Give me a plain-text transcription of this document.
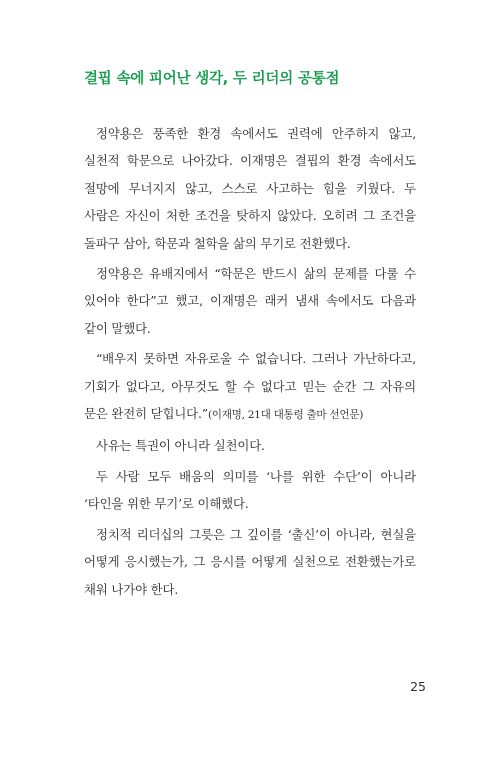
결핍 속에 피어난 생각, 두 리더의 공통점

정약용은 풍족한 환경 속에서도 권력에 안주하지 않고, 실천적 학문으로 나아갔다. 이재명은 결핍의 환경 속에서도 절망에 무너지지 않고, 스스로 사고하는 힘을 키웠다. 두 사람은 자신이 처한 조건을 탓하지 않았다. 오히려 그 조건을 돌파구 삼아, 학문과 철학을 삶의 무기로 전환했다.

정약용은 유배지에서 “학문은 반드시 삶의 문제를 다룰 수 있어야 한다”고 했고, 이재명은 래커 냄새 속에서도 다음과 같이 말했다.

“배우지 못하면 자유로울 수 없습니다. 그러나 가난하다고, 기회가 없다고, 아무것도 할 수 없다고 믿는 순간 그 자유의 문은 완전히 닫힙니다.”(이재명, 21대 대통령 출마 선언문)

사유는 특권이 아니라 실천이다.

두 사람 모두 배움의 의미를 ‘나를 위한 수단’이 아니라 ‘타인을 위한 무기’로 이해했다.

정치적 리더십의 그릇은 그 깊이를 ‘출신’이 아니라, 현실을 어떻게 응시했는가, 그 응시를 어떻게 실천으로 전환했는가로 채워 나가야 한다.

25
